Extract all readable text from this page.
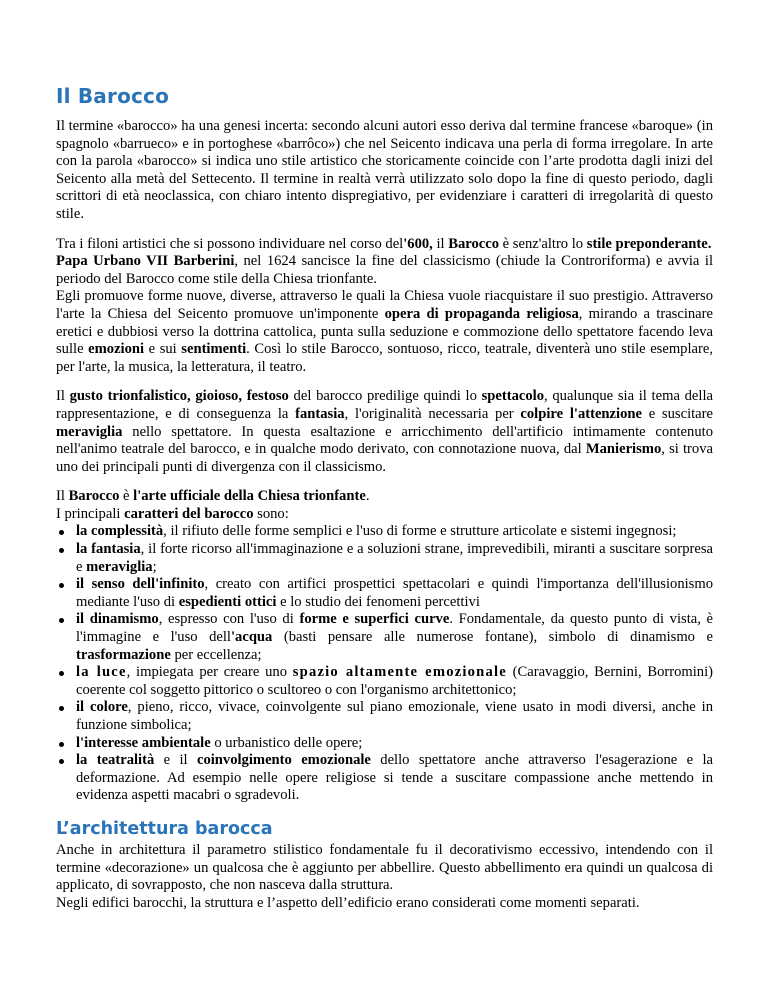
Il Barocco

Il termine «barocco» ha una genesi incerta: secondo alcuni autori esso deriva dal termine francese «baroque» (in spagnolo «barrueco» e in portoghese «barrôco») che nel Seicento indicava una perla di forma irregolare. In arte con la parola «barocco» si indica uno stile artistico che storicamente coincide con l’arte prodotta dagli inizi del Seicento alla metà del Settecento. Il termine in realtà verrà utilizzato solo dopo la fine di questo periodo, dagli scrittori di età neoclassica, con chiaro intento dispregiativo, per evidenziare i caratteri di irregolarità di questo stile.

Tra i filoni artistici che si possono individuare nel corso del'600, il Barocco è senz'altro lo stile preponderante.

Papa Urbano VII Barberini, nel 1624 sancisce la fine del classicismo (chiude la Controriforma) e avvia il periodo del Barocco come stile della Chiesa trionfante.

Egli promuove forme nuove, diverse, attraverso le quali la Chiesa vuole riacquistare il suo prestigio. Attraverso l'arte la Chiesa del Seicento promuove un'imponente opera di propaganda religiosa, mirando a trascinare eretici e dubbiosi verso la dottrina cattolica, punta sulla seduzione e commozione dello spettatore facendo leva sulle emozioni e sui sentimenti. Così lo stile Barocco, sontuoso, ricco, teatrale, diventerà uno stile esemplare, per l'arte, la musica, la letteratura, il teatro.

Il gusto trionfalistico, gioioso, festoso del barocco predilige quindi lo spettacolo, qualunque sia il tema della rappresentazione, e di conseguenza la fantasia, l'originalità necessaria per colpire l'attenzione e suscitare meraviglia nello spettatore. In questa esaltazione e arricchimento dell'artificio intimamente contenuto nell'animo teatrale del barocco, e in qualche modo derivato, con connotazione nuova, dal Manierismo, si trova uno dei principali punti di divergenza con il classicismo.

Il Barocco è l'arte ufficiale della Chiesa trionfante.

I principali caratteri del barocco sono:

la complessità, il rifiuto delle forme semplici e l'uso di forme e strutture articolate e sistemi ingegnosi;
la fantasia, il forte ricorso all'immaginazione e a soluzioni strane, imprevedibili, miranti a suscitare sorpresa e meraviglia;
il senso dell'infinito, creato con artifici prospettici spettacolari e quindi l'importanza dell'illusionismo mediante l'uso di espedienti ottici e lo studio dei fenomeni percettivi
il dinamismo, espresso con l'uso di forme e superfici curve. Fondamentale, da questo punto di vista, è l'immagine e l'uso dell'acqua (basti pensare alle numerose fontane), simbolo di dinamismo e trasformazione per eccellenza;
la luce, impiegata per creare uno spazio altamente emozionale (Caravaggio, Bernini, Borromini) coerente col soggetto pittorico o scultoreo o con l'organismo architettonico;
il colore, pieno, ricco, vivace, coinvolgente sul piano emozionale, viene usato in modi diversi, anche in funzione simbolica;
l'interesse ambientale o urbanistico delle opere;
la teatralità e il coinvolgimento emozionale dello spettatore anche attraverso l'esagerazione e la deformazione. Ad esempio nelle opere religiose si tende a suscitare compassione anche mettendo in evidenza aspetti macabri o sgradevoli.
L’architettura barocca

Anche in architettura il parametro stilistico fondamentale fu il decorativismo eccessivo, intendendo con il termine «decorazione» un qualcosa che è aggiunto per abbellire. Questo abbellimento era quindi un qualcosa di applicato, di sovrapposto, che non nasceva dalla struttura.

Negli edifici barocchi, la struttura e l’aspetto dell’edificio erano considerati come momenti separati.
